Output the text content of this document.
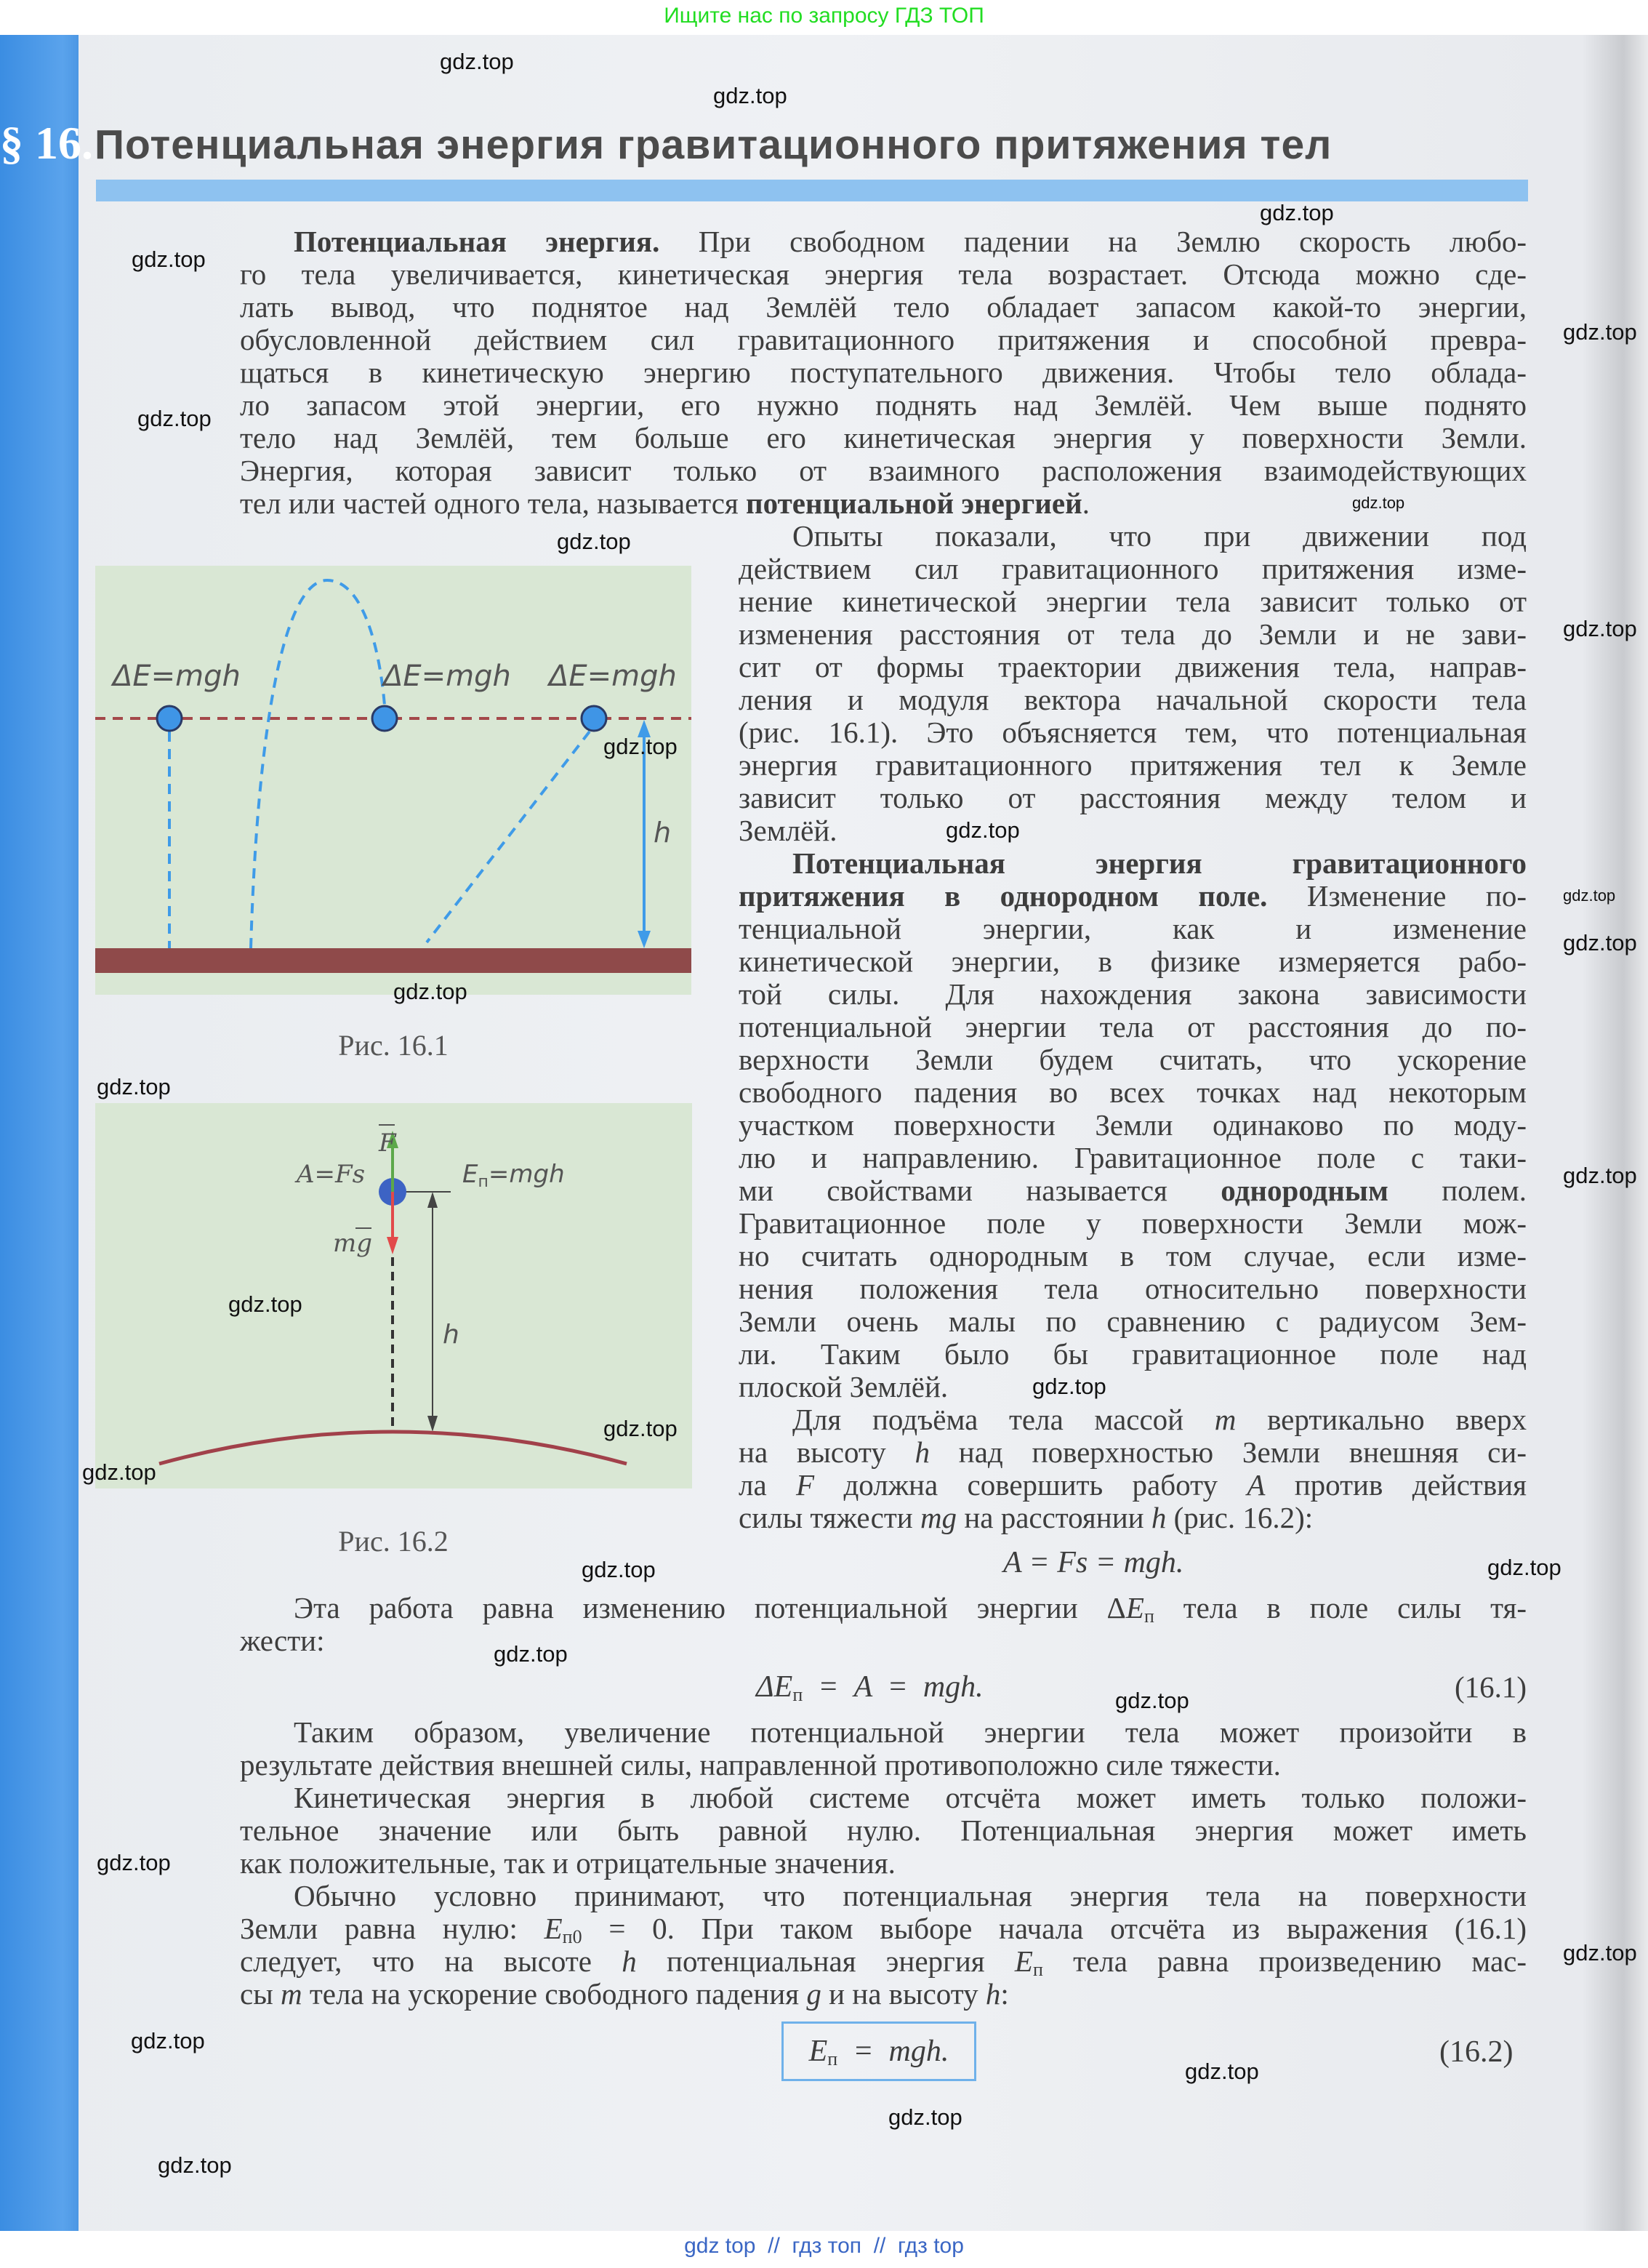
Ищите нас по запросу ГДЗ ТОП
§ 16.Потенциальная энергия гравитационного притяжения тел
Потенциальная энергия. При свободном падении на Землю скорость любо-
го тела увеличивается, кинетическая энергия тела возрастает. Отсюда можно сде-
лать вывод, что поднятое над Землёй тело обладает запасом какой-то энергии,
обусловленной действием сил гравитационного притяжения и способной превра-
щаться в кинетическую энергию поступательного движения. Чтобы тело облада-
ло запасом этой энергии, его нужно поднять над Землёй. Чем выше поднято
тело над Землёй, тем больше его кинетическая энергия у поверхности Земли.
Энергия, которая зависит только от взаимного расположения взаимодействующих
тел или частей одного тела, называется потенциальной энергией.
Опыты показали, что при движении под
действием сил гравитационного притяжения изме-
нение кинетической энергии тела зависит только от
изменения расстояния от тела до Земли и не зави-
сит от формы траектории движения тела, направ-
ления и модуля вектора начальной скорости тела
(рис. 16.1). Это объясняется тем, что потенциальная
энергия гравитационного притяжения тел к Земле
зависит только от расстояния между телом и
Землёй.
Потенциальная энергия гравитационного
притяжения в однородном поле. Изменение по-
тенциальной энергии, как и изменение
кинетической энергии, в физике измеряется рабо-
той силы. Для нахождения закона зависимости
потенциальной энергии тела от расстояния до по-
верхности Земли будем считать, что ускорение
свободного падения во всех точках над некоторым
участком поверхности Земли одинаково по моду-
лю и направлению. Гравитационное поле с таки-
ми свойствами называется однородным полем.
Гравитационное поле у поверхности Земли мож-
но считать однородным в том случае, если изме-
нения положения тела относительно поверхности
Земли очень малы по сравнению с радиусом Зем-
ли. Таким было бы гравитационное поле над
плоской Землёй.
Для подъёма тела массой m вертикально вверх
на высоту h над поверхностью Земли внешняя си-
ла F должна совершить работу A против действия
силы тяжести mg на расстоянии h (рис. 16.2):
Эта работа равна изменению потенциальной энергии $\Delta E_п$ тела в поле силы тя-
жести:
Таким образом, увеличение потенциальной энергии тела может произойти в
результате действия внешней силы, направленной противоположно силе тяжести.
Кинетическая энергия в любой системе отсчёта может иметь только положи-
тельное значение или быть равной нулю. Потенциальная энергия может иметь
как положительные, так и отрицательные значения.
Обычно условно принимают, что потенциальная энергия тела на поверхности
Земли равна нулю: $E_{п0} = 0$. При таком выборе начала отсчёта из выражения (16.1)
следует, что на высоте h потенциальная энергия $E_п$ тела равна произведению мас-
сы m тела на ускорение свободного падения g и на высоту h:
A = Fs = mgh.
$\Delta E_п = A$  =  mgh.	(16.1)
$E_п$  =  mgh.	(16.2)
ΔE=mgh	ΔE=mgh ΔE=mgh
h
Рис. 16.1
F
A=Fs	Eп=mgh
mg
h
Рис. 16.2
gdz top  //  гдз топ  //  гдз top
gdz.top
gdz.top
gdz.top
gdz.top
gdz.top
gdz.top
gdz.top
gdz.top
gdz.top
gdz.top
gdz.top
gdz.top
gdz.top
gdz.top
gdz.top
gdz.top
gdz.top
gdz.top
gdz.top
gdz.top
gdz.top	gdz.top
gdz.top
gdz.top
gdz.top
gdz.top
gdz.top
gdz.top
gdz.top
gdz.top
